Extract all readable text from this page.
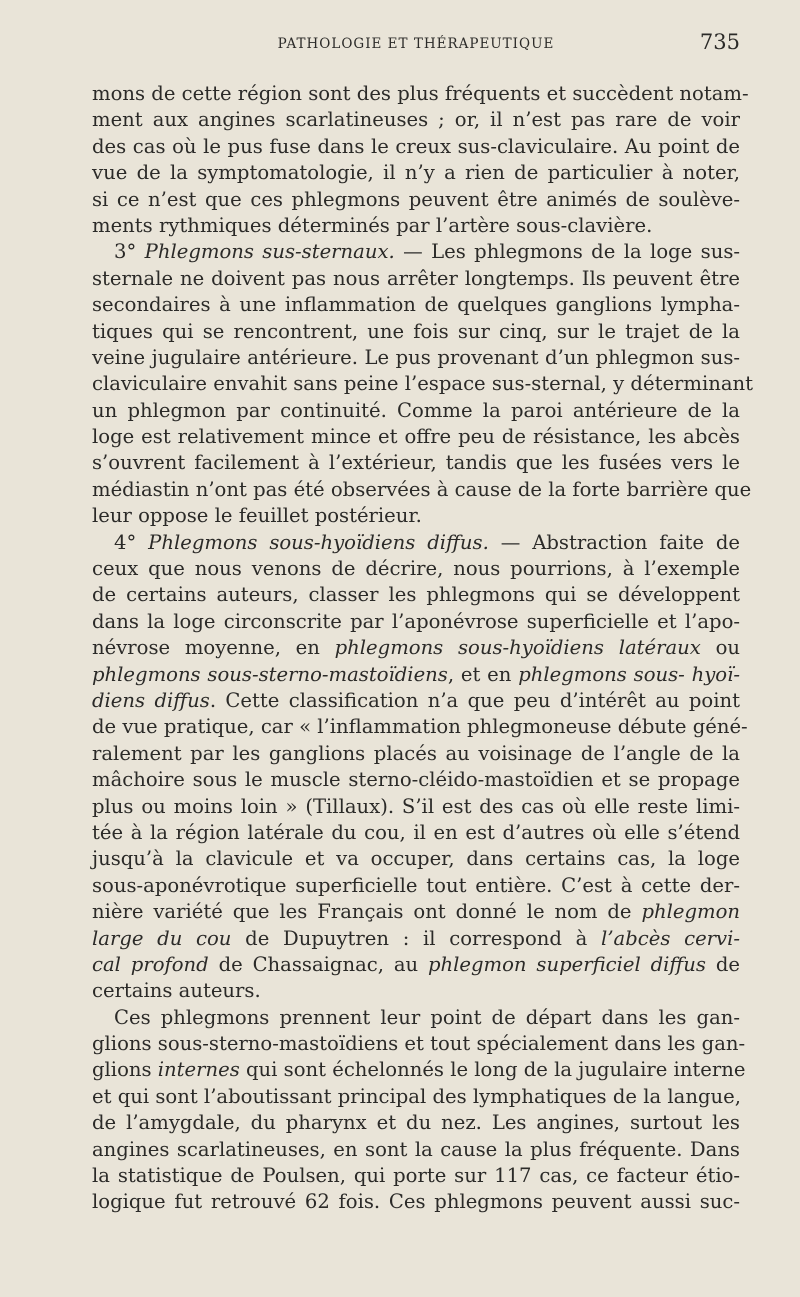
PATHOLOGIE ET THÉRAPEUTIQUE	735
mons de cette région sont des plus fréquents et succèdent notam-
ment aux angines scarlatineuses ; or, il n’est pas rare de voir
des cas où le pus fuse dans le creux sus-claviculaire. Au point de
vue de la symptomatologie, il n’y a rien de particulier à noter,
si ce n’est que ces phlegmons peuvent être animés de soulève-
ments rythmiques déterminés par l’artère sous-clavière.
3° Phlegmons sus-sternaux. — Les phlegmons de la loge sus-
sternale ne doivent pas nous arrêter longtemps. Ils peuvent être
secondaires à une inflammation de quelques ganglions lympha-
tiques qui se rencontrent, une fois sur cinq, sur le trajet de la
veine jugulaire antérieure. Le pus provenant d’un phlegmon sus-
claviculaire envahit sans peine l’espace sus-sternal, y déterminant
un phlegmon par continuité. Comme la paroi antérieure de la
loge est relativement mince et offre peu de résistance, les abcès
s’ouvrent facilement à l’extérieur, tandis que les fusées vers le
médiastin n’ont pas été observées à cause de la forte barrière que
leur oppose le feuillet postérieur.
4° Phlegmons sous-hyoïdiens diffus. — Abstraction faite de
ceux que nous venons de décrire, nous pourrions, à l’exemple
de certains auteurs, classer les phlegmons qui se développent
dans la loge circonscrite par l’aponévrose superficielle et l’apo-
névrose moyenne, en phlegmons sous-hyoïdiens latéraux ou
phlegmons sous-sterno-mastoïdiens, et en phlegmons sous- hyoï-
diens diffus. Cette classification n’a que peu d’intérêt au point
de vue pratique, car « l’inflammation phlegmoneuse débute géné-
ralement par les ganglions placés au voisinage de l’angle de la
mâchoire sous le muscle sterno-cléido-mastoïdien et se propage
plus ou moins loin » (Tillaux). S’il est des cas où elle reste limi-
tée à la région latérale du cou, il en est d’autres où elle s’étend
jusqu’à la clavicule et va occuper, dans certains cas, la loge
sous-aponévrotique superficielle tout entière. C’est à cette der-
nière variété que les Français ont donné le nom de phlegmon
large du cou de Dupuytren : il correspond à l’abcès cervi-
cal profond de Chassaignac, au phlegmon superficiel diffus de
certains auteurs.
Ces phlegmons prennent leur point de départ dans les gan-
glions sous-sterno-mastoïdiens et tout spécialement dans les gan-
glions internes qui sont échelonnés le long de la jugulaire interne
et qui sont l’aboutissant principal des lymphatiques de la langue,
de l’amygdale, du pharynx et du nez. Les angines, surtout les
angines scarlatineuses, en sont la cause la plus fréquente. Dans
la statistique de Poulsen, qui porte sur 117 cas, ce facteur étio-
logique fut retrouvé 62 fois. Ces phlegmons peuvent aussi suc-
